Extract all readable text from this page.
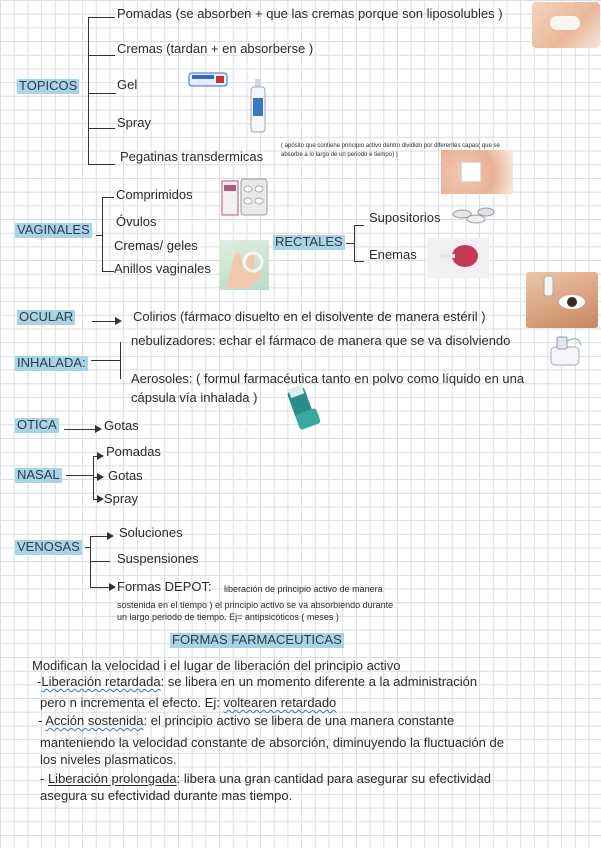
TOPICOS
Pomadas (se absorben + que las cremas porque son liposolubles )
Cremas (tardan + en absorberse )
Gel
Spray
Pegatinas transdermicas
( apósito que contiene principio activo dentro dividido por diferentes capas( que se
absorbe a lo largo de un periodo e tiempo) )
VAGINALES
Comprimidos
Óvulos
Cremas/ geles
Anillos vaginales
RECTALES
Supositorios
Enemas
OCULAR	Colirios (fármaco disuelto en el disolvente de manera estéril )
INHALADA:
nebulizadores: echar el fármaco de manera que se va disolviendo
Aerosoles: ( formul farmacéutica tanto en polvo como líquido en una
cápsula vía inhalada )
OTICA	Gotas
NASAL
Pomadas
Gotas
Spray
VENOSAS
Soluciones
Suspensiones
Formas DEPOT: liberación de principio activo de manera
sostenida en el tiempo ) el principio activo se va absorbiendo durante
un largo periodo de tiempo. Ej= antipsicóticos ( meses )
FORMAS FARMACEUTICAS
Modifican la velocidad i el lugar de liberación del principio activo
-Liberación retardada: se libera en un momento diferente a la administración
pero n incrementa el efecto. Ej: voltearen retardado
- Acción sostenida: el principio activo se libera de una manera constante
manteniendo la velocidad constante de absorción, diminuyendo la fluctuación de
los niveles plasmaticos.
- Liberación prolongada: libera una gran cantidad para asegurar su efectividad
asegura su efectividad durante mas tiempo.
